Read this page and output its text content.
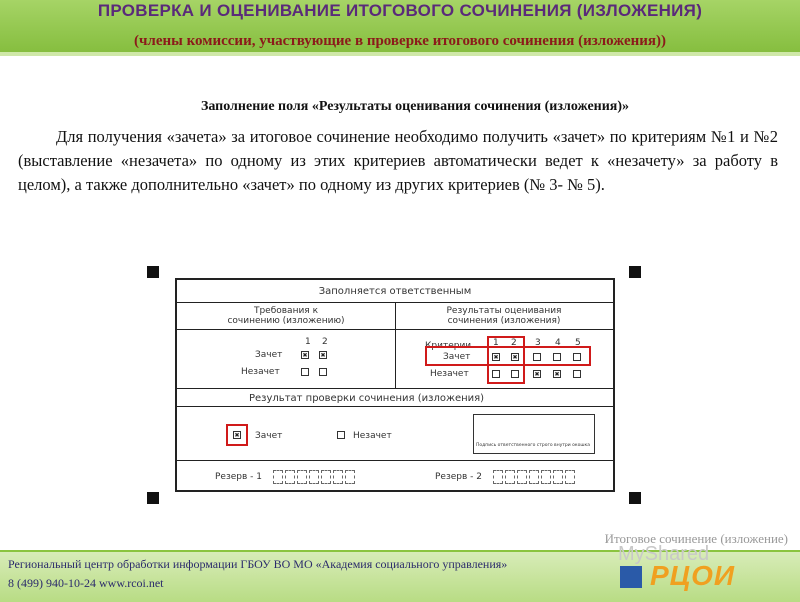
ПРОВЕРКА И ОЦЕНИВАНИЕ ИТОГОВОГО СОЧИНЕНИЯ (ИЗЛОЖЕНИЯ)
(члены комиссии, участвующие в проверке итогового сочинения (изложения))
Заполнение поля «Результаты оценивания сочинения (изложения)»
Для получения «зачета» за итоговое сочинение необходимо получить «зачет» по критериям №1 и №2 (выставление «незачета» по одному из этих критериев автоматически ведет к «незачету» за работу в целом), а также дополнительно «зачет» по одному из других критериев (№ 3- № 5).
Заполняется ответственным
Требования к
сочинению (изложению)
1 2
Зачет
✖
✖
Незачет
Результаты оценивания
сочинения (изложения)
Критерии 1 2 3 4 5
Зачет
✖
✖
Незачет
✖
✖
Результат проверки сочинения (изложения)
✖
Зачет	Незачет
Подпись ответственного строго внутри окошка
Резерв - 1	Резерв - 2
Итоговое сочинение (изложение)
Региональный центр обработки информации ГБОУ ВО МО «Академия социального управления»
8 (499) 940-10-24 www.rcoi.net
MyShared
РЦОИ
